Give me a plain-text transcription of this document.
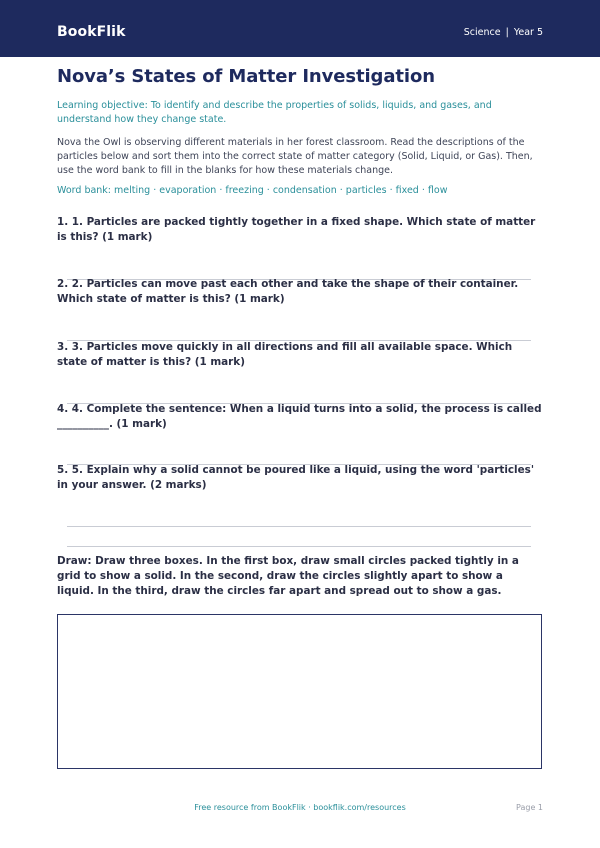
BookFlik	Science | Year 5
Nova’s States of Matter Investigation

Learning objective: To identify and describe the properties of solids, liquids, and gases, and understand how they change state.

Nova the Owl is observing different materials in her forest classroom. Read the descriptions of the particles below and sort them into the correct state of matter category (Solid, Liquid, or Gas). Then, use the word bank to fill in the blanks for how these materials change.

Word bank: melting · evaporation · freezing · condensation · particles · fixed · flow

1. 1. Particles are packed tightly together in a fixed shape. Which state of matter is this? (1 mark)

2. 2. Particles can move past each other and take the shape of their container. Which state of matter is this? (1 mark)

3. 3. Particles move quickly in all directions and fill all available space. Which state of matter is this? (1 mark)

4. 4. Complete the sentence: When a liquid turns into a solid, the process is called __________. (1 mark)

5. 5. Explain why a solid cannot be poured like a liquid, using the word 'particles' in your answer. (2 marks)

Draw: Draw three boxes. In the first box, draw small circles packed tightly in a grid to show a solid. In the second, draw the circles slightly apart to show a liquid. In the third, draw the circles far apart and spread out to show a gas.

Free resource from BookFlik · bookflik.com/resources	Page 1
